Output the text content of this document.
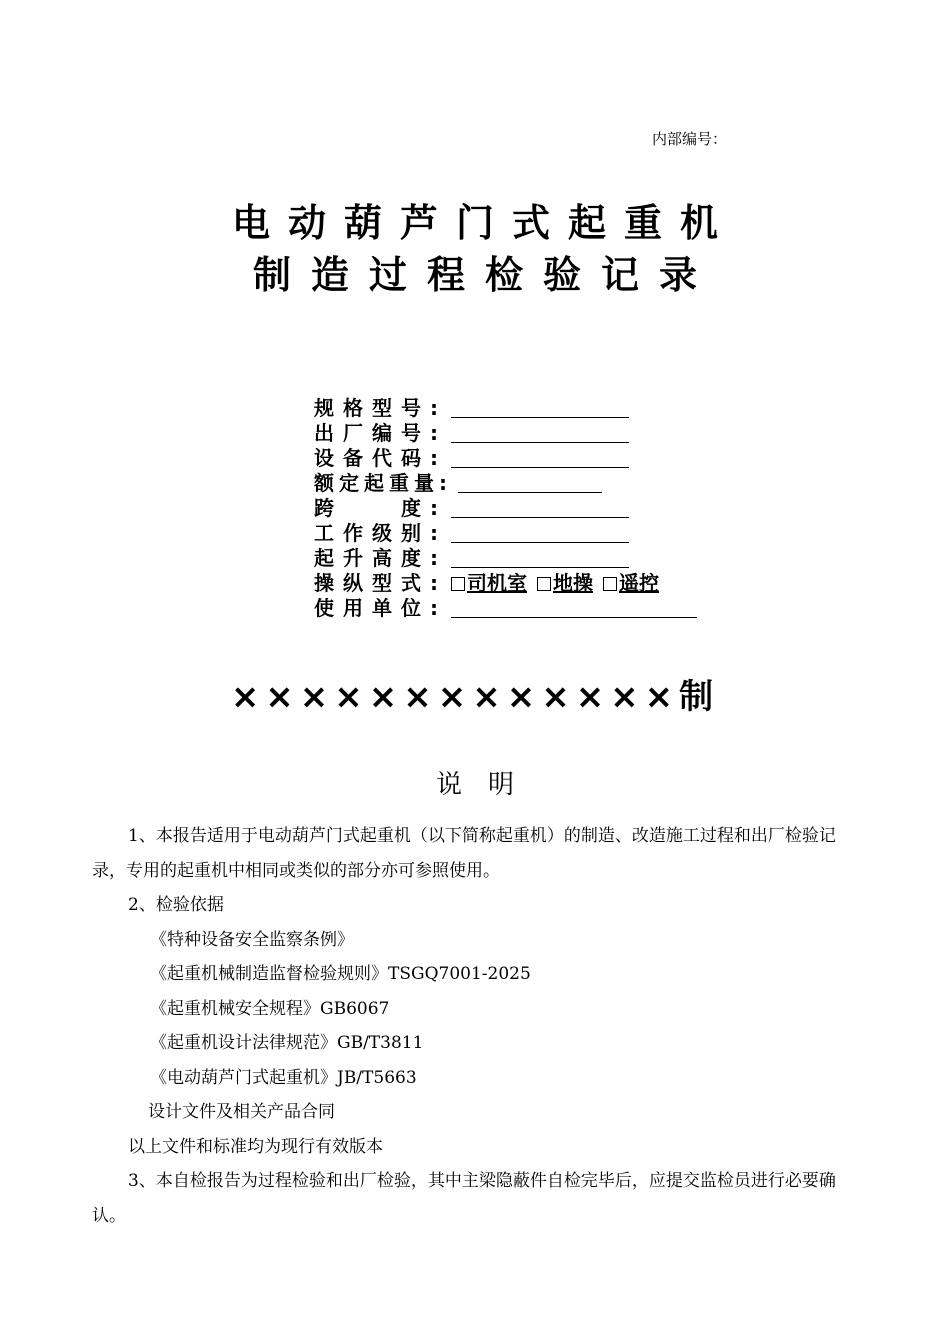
内部编号：
电动葫芦门式起重机
制造过程检验记录
规格型号:
出厂编号:
设备代码:
额定起重量:
跨　　度:
工作级别:
起升高度:
操纵型式:	司机室 地操 遥控
使用单位:
×××××××××××××制
说明

1、本报告适用于电动葫芦门式起重机（以下简称起重机）的制造、改造施工过程和出厂检验记录，专用的起重机中相同或类似的部分亦可参照使用。

2、检验依据

《特种设备安全监察条例》

《起重机械制造监督检验规则》TSGQ7001-2025

《起重机械安全规程》GB6067

《起重机设计法律规范》GB/T3811

《电动葫芦门式起重机》JB/T5663

设计文件及相关产品合同

以上文件和标准均为现行有效版本

3、本自检报告为过程检验和出厂检验，其中主梁隐蔽件自检完毕后，应提交监检员进行必要确认。
